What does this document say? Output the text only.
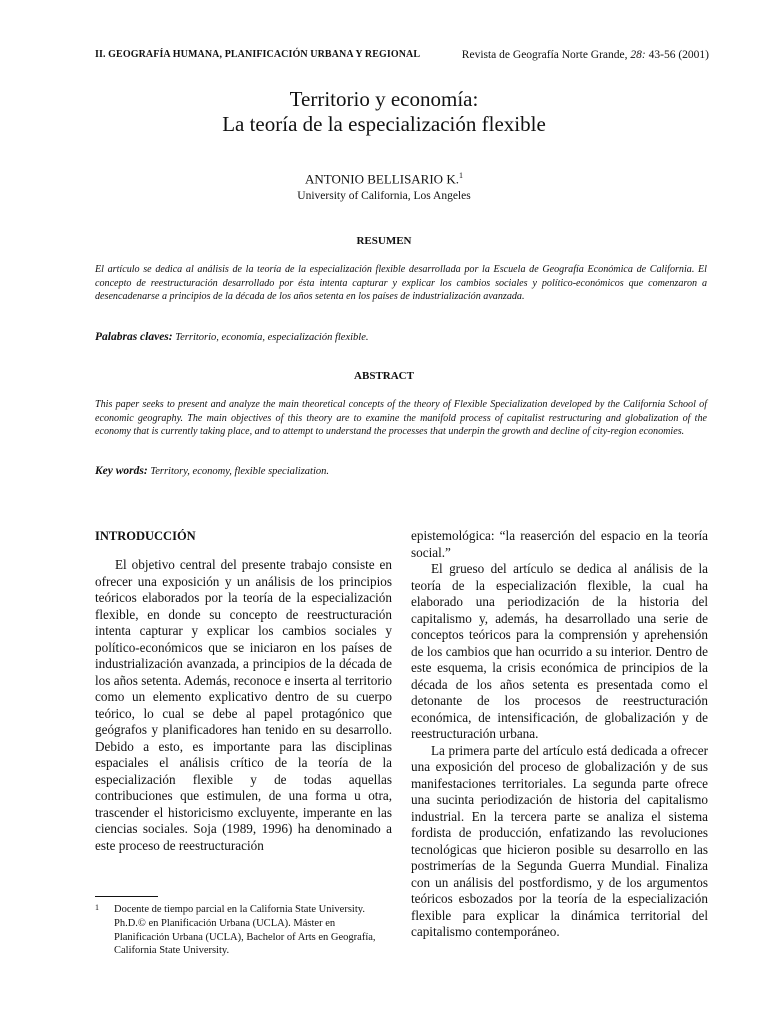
II. GEOGRAFÍA HUMANA, PLANIFICACIÓN URBANA Y REGIONAL	Revista de Geografía Norte Grande, 28: 43-56 (2001)
Territorio y economía:
La teoría de la especialización flexible
ANTONIO BELLISARIO K.$^1$
University of California, Los Angeles
RESUMEN
El artículo se dedica al análisis de la teoría de la especialización flexible desarrollada por la Escuela de Geografía Económica de California. El concepto de reestructuración desarrollado por ésta intenta capturar y explicar los cambios sociales y político-económicos que comenzaron a desencadenarse a principios de la década de los años setenta en los países de industrialización avanzada.
Palabras claves: Territorio, economía, especialización flexible.
ABSTRACT
This paper seeks to present and analyze the main theoretical concepts of the theory of Flexible Specialization developed by the California School of economic geography. The main objectives of this theory are to examine the manifold process of capitalist restructuring and globalization of the economy that is currently taking place, and to attempt to understand the processes that underpin the growth and decline of city-region economies.
Key words: Territory, economy, flexible specialization.
INTRODUCCIÓN

El objetivo central del presente trabajo consiste en ofrecer una exposición y un análisis de los principios teóricos elaborados por la teoría de la especialización flexible, en donde su concepto de reestructuración intenta capturar y explicar los cambios sociales y político-económicos que se iniciaron en los países de industrialización avanzada, a principios de la década de los años setenta. Además, reconoce e inserta al territorio como un elemento explicativo dentro de su cuerpo teórico, lo cual se debe al papel protagónico que geógrafos y planificadores han tenido en su desarrollo. Debido a esto, es importante para las disciplinas espaciales el análisis crítico de la teoría de la especialización flexible y de todas aquellas contribuciones que estimulen, de una forma u otra, trascender el historicismo excluyente, imperante en las ciencias sociales. Soja (1989, 1996) ha denominado a este proceso de reestructuración

epistemológica: “la reaserción del espacio en la teoría social.”

El grueso del artículo se dedica al análisis de la teoría de la especialización flexible, la cual ha elaborado una periodización de la historia del capitalismo y, además, ha desarrollado una serie de conceptos teóricos para la comprensión y aprehensión de los cambios que han ocurrido a su interior. Dentro de este esquema, la crisis económica de principios de la década de los años setenta es presentada como el detonante de los procesos de reestructuración económica, de intensificación, de globalización y de reestructuración urbana.

La primera parte del artículo está dedicada a ofrecer una exposición del proceso de globalización y de sus manifestaciones territoriales. La segunda parte ofrece una sucinta periodización de historia del capitalismo industrial. En la tercera parte se analiza el sistema fordista de producción, enfatizando las revoluciones tecnológicas que hicieron posible su desarrollo en las postrimerías de la Segunda Guerra Mundial. Finaliza con un análisis del postfordismo, y de los argumentos teóricos esbozados por la teoría de la especialización flexible para explicar la dinámica territorial del capitalismo contemporáneo.

1 Docente de tiempo parcial en la California State University. Ph.D.© en Planificación Urbana (UCLA). Máster en Planificación Urbana (UCLA), Bachelor of Arts en Geografía, California State University.
